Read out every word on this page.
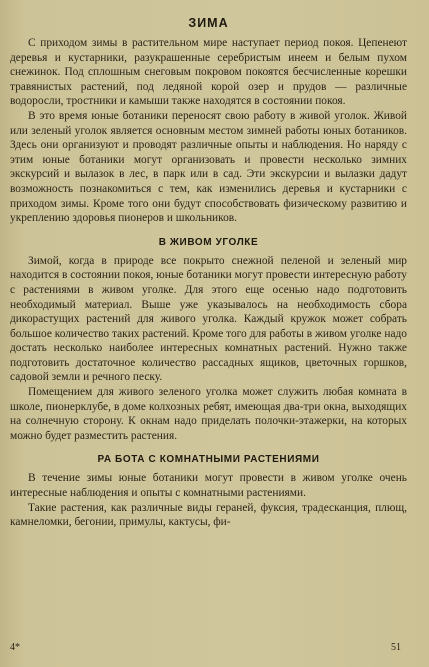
ЗИМА

С приходом зимы в растительном мире наступает период покоя. Цепенеют деревья и кустарники, разукрашенные серебристым инеем и белым пухом снежинок. Под сплошным снеговым покровом покоятся бесчисленные корешки травянистых растений, под ледяной корой озер и прудов — различные водоросли, тростники и камыши также находятся в состоянии покоя.

В это время юные ботаники переносят свою работу в живой уголок. Живой или зеленый уголок является основным местом зимней работы юных ботаников. Здесь они организуют и проводят различные опыты и наблюдения. Но наряду с этим юные ботаники могут организовать и провести несколько зимних экскурсий и вылазок в лес, в парк или в сад. Эти экскурсии и вылазки дадут возможность познакомиться с тем, как изменились деревья и кустарники с приходом зимы. Кроме того они будут способствовать физическому развитию и укреплению здоровья пионеров и школьников.

В ЖИВОМ УГОЛКЕ

Зимой, когда в природе все покрыто снежной пеленой и зеленый мир находится в состоянии покоя, юные ботаники могут провести интересную работу с растениями в живом уголке. Для этого еще осенью надо подготовить необходимый материал. Выше уже указывалось на необходимость сбора дикорастущих растений для живого уголка. Каждый кружок может собрать большое количество таких растений. Кроме того для работы в живом уголке надо достать несколько наиболее интересных комнатных растений. Нужно также подготовить достаточное количество рассадных ящиков, цветочных горшков, садовой земли и речного песку.

Помещением для живого зеленого уголка может служить любая комната в школе, пионерклубе, в доме колхозных ребят, имеющая два-три окна, выходящих на солнечную сторону. К окнам надо приделать полочки-этажерки, на которых можно будет разместить растения.

РА БОТА С КОМНАТНЫМИ РАСТЕНИЯМИ

В течение зимы юные ботаники могут провести в живом уголке очень интересные наблюдения и опыты с комнатными растениями.

Такие растения, как различные виды гераней, фуксия, традесканция, плющ, камнеломки, бегонии, примулы, кактусы, фи-

4*	51
